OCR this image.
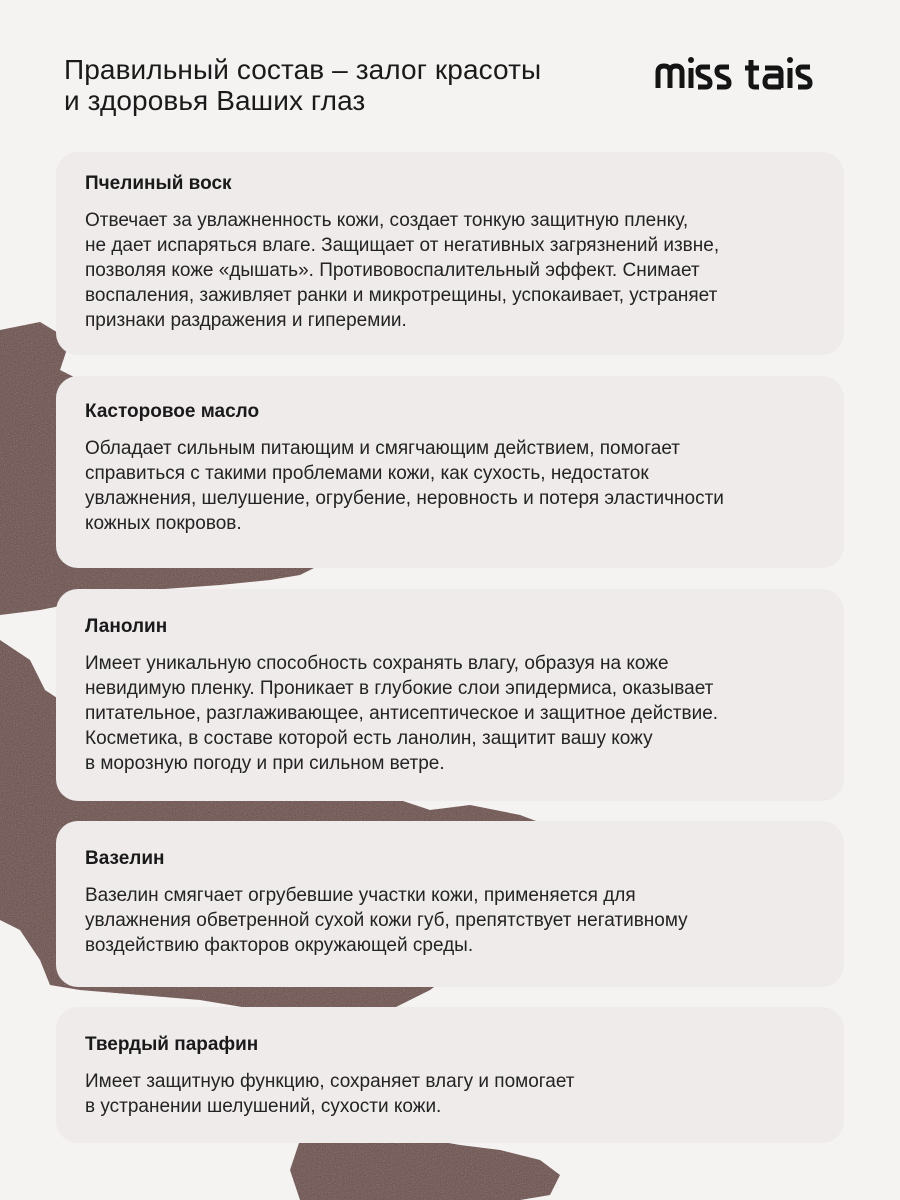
Правильный состав – залог красоты
и здоровья Ваших глаз
Пчелиный воск
Отвечает за увлажненность кожи, создает тонкую защитную пленку,
не дает испаряться влаге. Защищает от негативных загрязнений извне,
позволяя коже «дышать». Противовоспалительный эффект. Снимает
воспаления, заживляет ранки и микротрещины, успокаивает, устраняет
признаки раздражения и гиперемии.
Касторовое масло
Обладает сильным питающим и смягчающим действием, помогает
справиться с такими проблемами кожи, как сухость, недостаток
увлажнения, шелушение, огрубение, неровность и потеря эластичности
кожных покровов.
Ланолин
Имеет уникальную способность сохранять влагу, образуя на коже
невидимую пленку. Проникает в глубокие слои эпидермиса, оказывает
питательное, разглаживающее, антисептическое и защитное действие.
Косметика, в составе которой есть ланолин, защитит вашу кожу
в морозную погоду и при сильном ветре.
Вазелин
Вазелин смягчает огрубевшие участки кожи, применяется для
увлажнения обветренной сухой кожи губ, препятствует негативному
воздействию факторов окружающей среды.
Твердый парафин
Имеет защитную функцию, сохраняет влагу и помогает
в устранении шелушений, сухости кожи.
